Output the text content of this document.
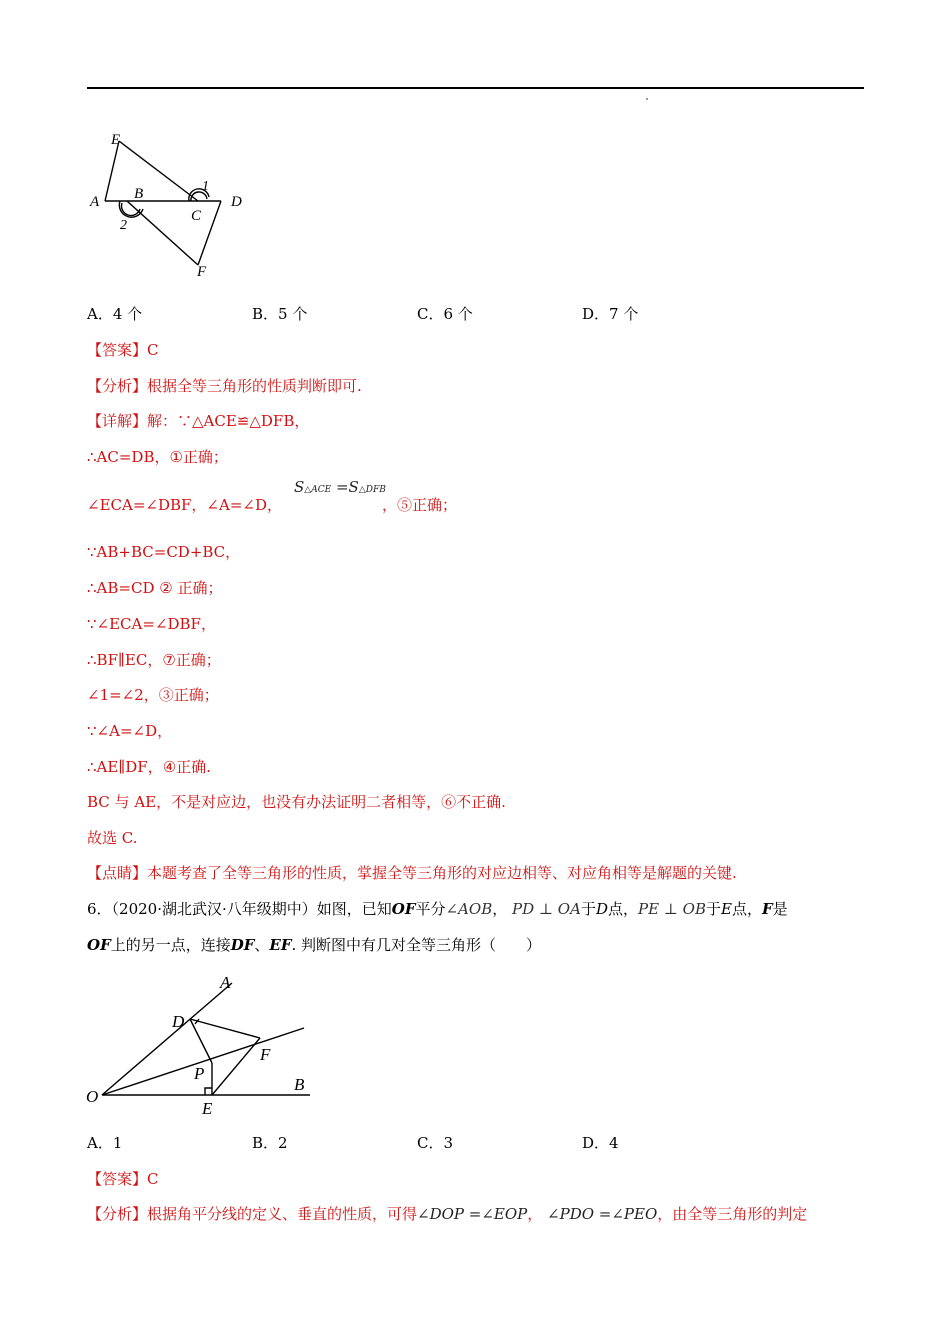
E
A B	1
C
D
2
F
A．4 个	B．5 个	C．6 个	D．7 个
【答案】C
【分析】根据全等三角形的性质判断即可.
【详解】解：∵△ACE≌△DFB，
∴AC=DB，①正确；
∠ECA=∠DBF，∠A=∠D，
S△ACE =S△DFB
，⑤正确；
∵AB+BC=CD+BC，
∴AB=CD ② 正确；
∵∠ECA=∠DBF，
∴BF∥EC，⑦正确；
∠1=∠2，③正确；
∵∠A=∠D，
∴AE∥DF，④正确.
BC 与 AE，不是对应边，也没有办法证明二者相等，⑥不正确.
故选 C.
【点睛】本题考查了全等三角形的性质，掌握全等三角形的对应边相等、对应角相等是解题的关键.
6．（2020·湖北武汉·八年级期中）如图，已知OF平分∠AOB， PD ⊥ OA于D点，PE ⊥ OB于E点，F是
OF上的另一点，连接DF、EF. 判断图中有几对全等三角形（　　）
A
D
F
P
B
O
E
A．1	B．2	C．3	D．4
【答案】C
【分析】根据角平分线的定义、垂直的性质，可得∠DOP =∠EOP， ∠PDO =∠PEO，由全等三角形的判定
